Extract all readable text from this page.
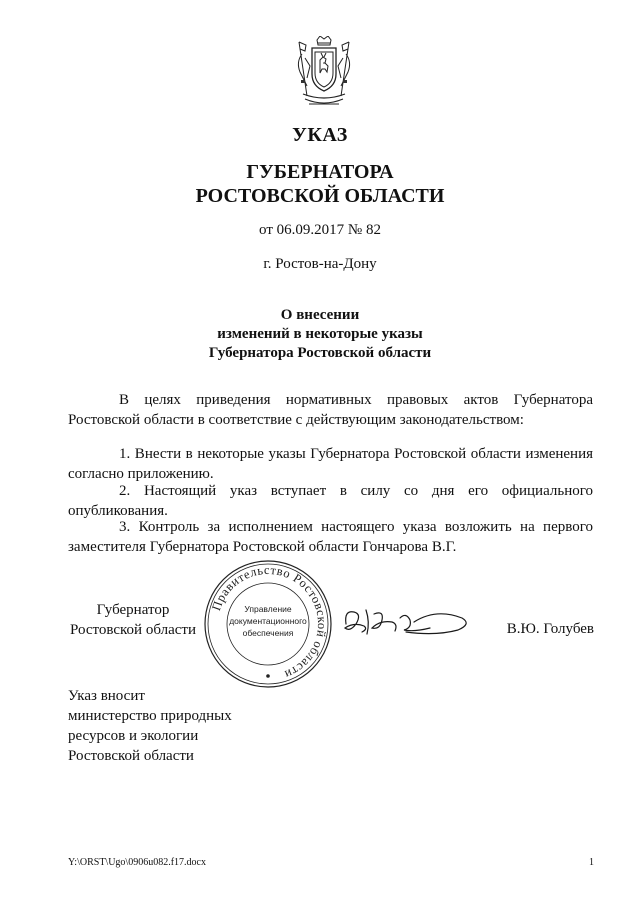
УКАЗ
ГУБЕРНАТОРА
РОСТОВСКОЙ ОБЛАСТИ
от 06.09.2017 № 82
г. Ростов-на-Дону
О внесении
изменений в некоторые указы
Губернатора Ростовской области
В целях приведения нормативных правовых актов Губернатора Ростовской области в соответствие с действующим законодательством:
1. Внести в некоторые указы Губернатора Ростовской области изменения согласно приложению.
2. Настоящий указ вступает в силу со дня его официального опубликования.
3. Контроль за исполнением настоящего указа возложить на первого заместителя Губернатора Ростовской области Гончарова В.Г.
Губернатор
Ростовской области
Правительство Ростовской области
Управление
документационного
обеспечения	В.Ю. Голубев
Указ вносит
министерство природных
ресурсов и экологии
Ростовской области
Y:\ORST\Ugo\0906u082.f17.docx	1
